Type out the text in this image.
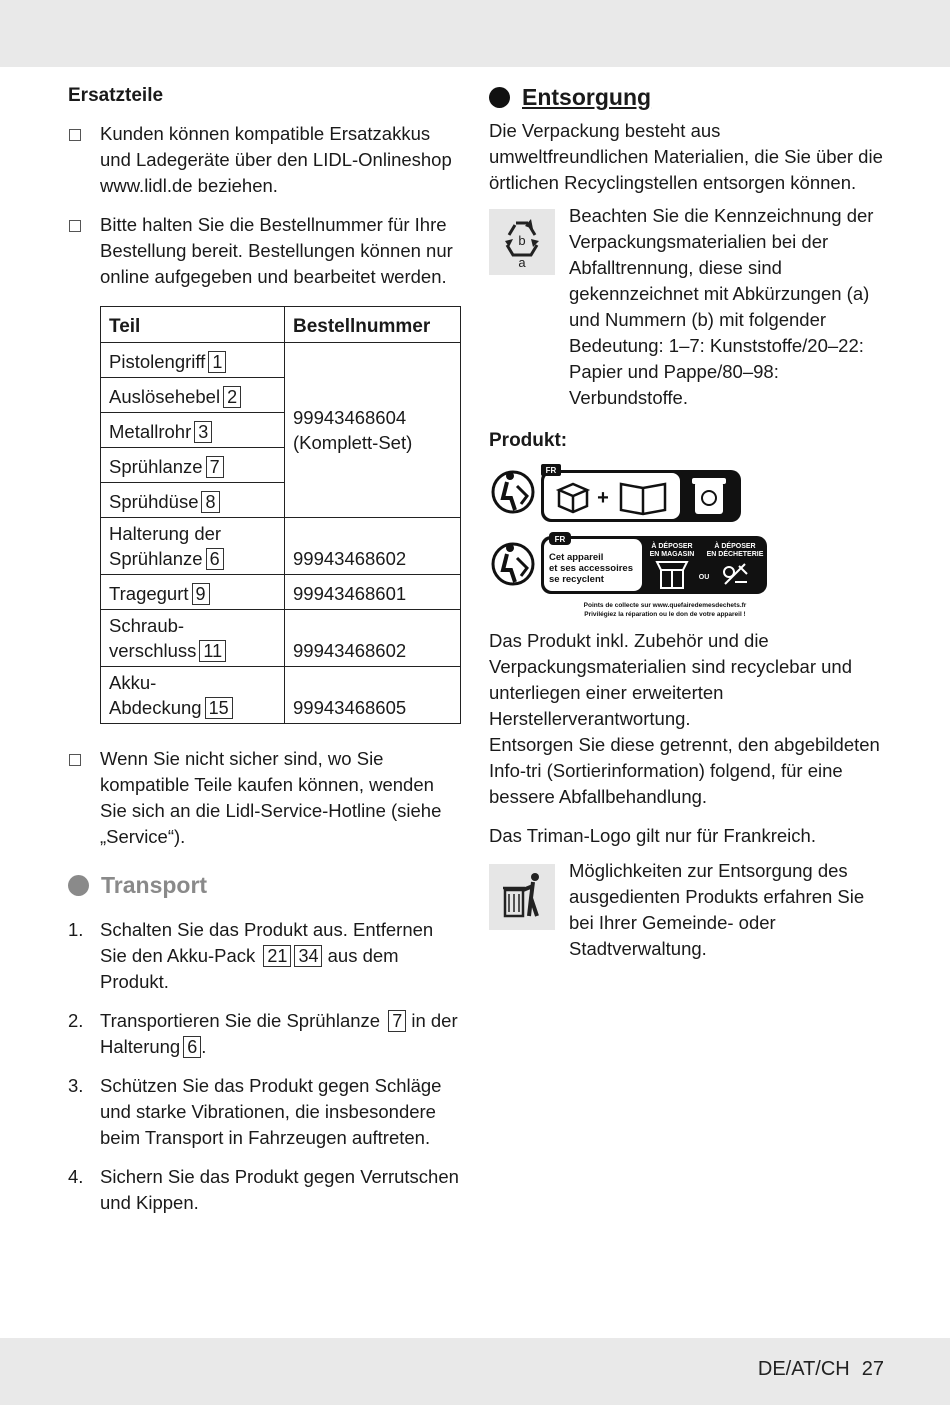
Ersatzteile

Kunden können kompatible Ersatzakkus und Ladegeräte über den LIDL-Onlineshop www.lidl.de beziehen.
Bitte halten Sie die Bestellnummer für Ihre Bestellung bereit. Bestellungen können nur online aufgegeben und bearbeitet werden.
Teil	Bestellnummer
Pistolengriff 1	99943468604
(Komplett-Set)

Auslösehebel 2	
Metallrohr 3	
Sprühlanze 7	
Sprühdüse 8	

Halterung der
Sprühlanze 6	99943468602
Tragegurt 9	99943468601

Schraub-
verschluss 11	99943468602

Akku-
Abdeckung 15	99943468605
Wenn Sie nicht sicher sind, wo Sie kompatible Teile kaufen können, wenden Sie sich an die Lidl-Service-Hotline (siehe „Service“).
Transport
1. Schalten Sie das Produkt aus. Entfernen Sie den Akku-Pack 21 34 aus dem Produkt.
2. Transportieren Sie die Sprühlanze 7 in der Halterung 6 .
3. Schützen Sie das Produkt gegen Schläge und starke Vibrationen, die insbesondere beim Transport in Fahrzeugen auftreten.
4. Sichern Sie das Produkt gegen Verrutschen und Kippen.
Entsorgung

Die Verpackung besteht aus umweltfreundlichen Materialien, die Sie über die örtlichen Recyclingstellen entsorgen können.

b
a

Beachten Sie die Kennzeichnung der Verpackungsmaterialien bei der Abfalltrennung, diese sind gekennzeichnet mit Abkürzungen (a) und Nummern (b) mit folgender Bedeutung: 1–7: Kunststoffe/20–22: Papier und Pappe/80–98: Verbundstoffe.

Produkt:

FR
+
FR
Cet appareil
et ses accessoires
se recyclent
À DÉPOSER
EN MAGASIN
À DÉPOSER
EN DÉCHETERIE
OU
Points de collecte sur www.quefairedemesdechets.fr
Privilégiez la réparation ou le don de votre appareil !

Das Produkt inkl. Zubehör und die Verpackungsmaterialien sind recyclebar und unterliegen einer erweiterten Herstellerverantwortung.

Entsorgen Sie diese getrennt, den abgebildeten Info-tri (Sortierinformation) folgend, für eine bessere Abfallbehandlung.

Das Triman-Logo gilt nur für Frankreich.

Möglichkeiten zur Entsorgung des ausgedienten Produkts erfahren Sie bei Ihrer Gemeinde- oder Stadtverwaltung.

DE/AT/CH 27
